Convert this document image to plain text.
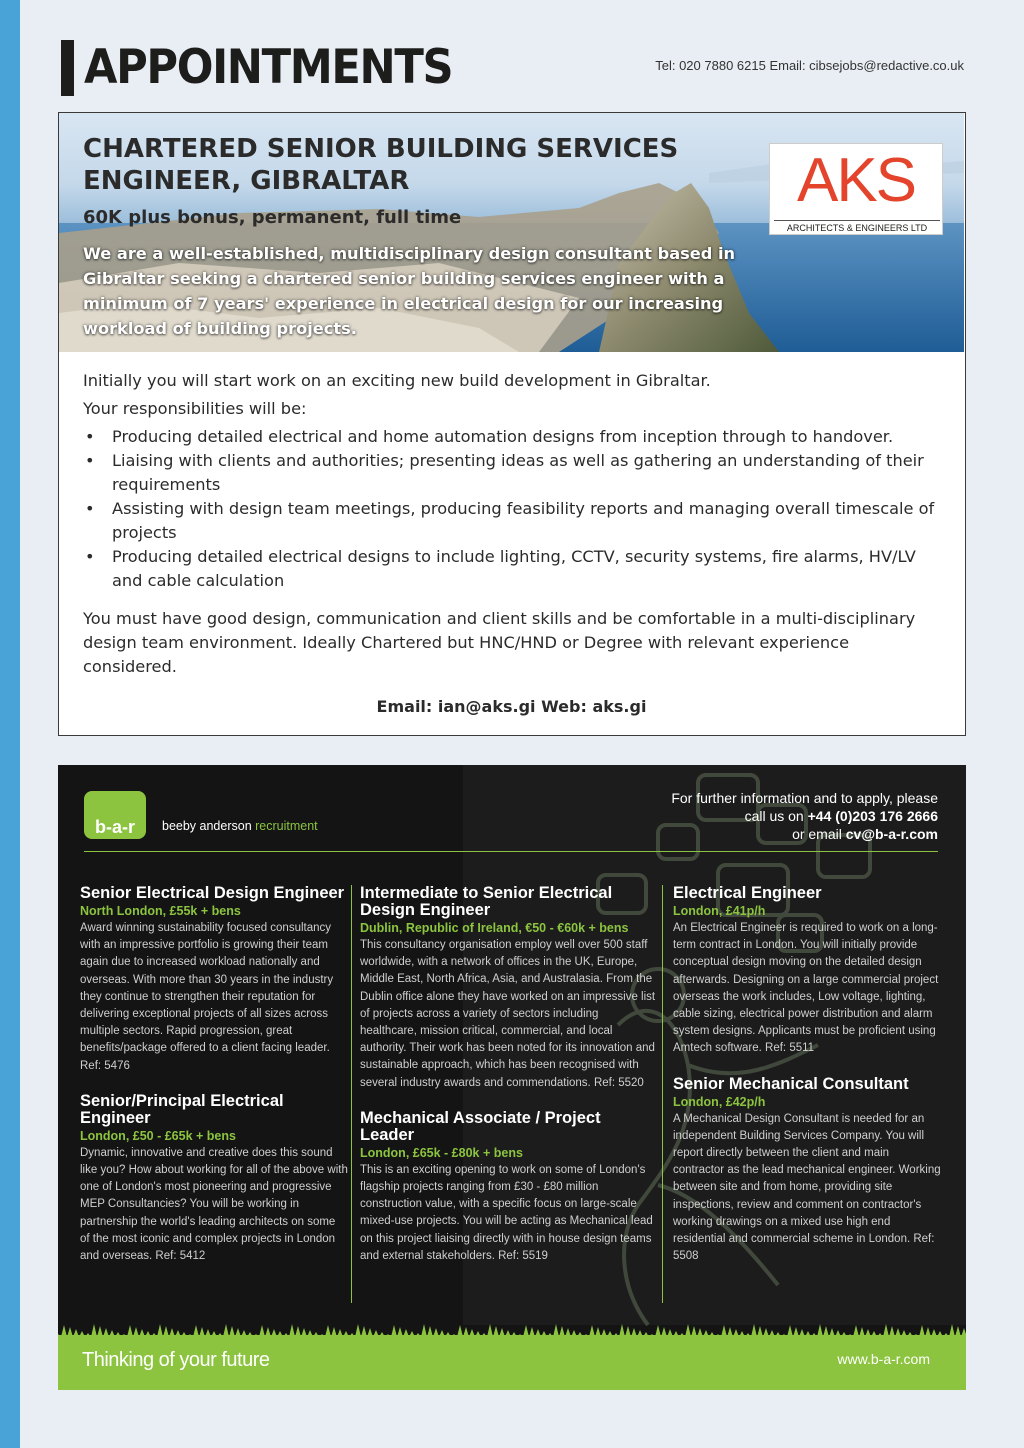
APPOINTMENTS	Tel: 020 7880 6215 Email: cibsejobs@redactive.co.uk
CHARTERED SENIOR BUILDING SERVICES ENGINEER, GIBRALTAR
60K plus bonus, permanent, full time
We are a well-established, multidisciplinary design consultant based in Gibraltar seeking a chartered senior building services engineer with a minimum of 7 years' experience in electrical design for our increasing workload of building projects.
AKS
ARCHITECTS & ENGINEERS LTD

Initially you will start work on an exciting new build development in Gibraltar.

Your responsibilities will be:

• Producing detailed electrical and home automation designs from inception through to handover.
• Liaising with clients and authorities; presenting ideas as well as gathering an understanding of their requirements
• Assisting with design team meetings, producing feasibility reports and managing overall timescale of projects
• Producing detailed electrical designs to include lighting, CCTV, security systems, fire alarms, HV/LV and cable calculation

You must have good design, communication and client skills and be comfortable in a multi-disciplinary design team environment. Ideally Chartered but HNC/HND or Degree with relevant experience considered.

Email: ian@aks.gi Web: aks.gi
b-a-r	beeby anderson recruitment
For further information and to apply, please
call us on +44 (0)203 176 2666
or email cv@b-a-r.com
Senior Electrical Design Engineer
North London, £55k + bens
Award winning sustainability focused consultancy with an impressive portfolio is growing their team again due to increased workload nationally and overseas. With more than 30 years in the industry they continue to strengthen their reputation for delivering exceptional projects of all sizes across multiple sectors. Rapid progression, great benefits/package offered to a client facing leader. Ref: 5476
Senior/Principal Electrical Engineer
London, £50 - £65k + bens
Dynamic, innovative and creative does this sound like you? How about working for all of the above with one of London's most pioneering and progressive MEP Consultancies? You will be working in partnership the world's leading architects on some of the most iconic and complex projects in London and overseas. Ref: 5412
Intermediate to Senior Electrical Design Engineer
Dublin, Republic of Ireland, €50 - €60k + bens
This consultancy organisation employ well over 500 staff worldwide, with a network of offices in the UK, Europe, Middle East, North Africa, Asia, and Australasia. From the Dublin office alone they have worked on an impressive list of projects across a variety of sectors including healthcare, mission critical, commercial, and local authority. Their work has been noted for its innovation and sustainable approach, which has been recognised with several industry awards and commendations. Ref: 5520
Mechanical Associate / Project Leader
London, £65k - £80k + bens
This is an exciting opening to work on some of London's flagship projects ranging from £30 - £80 million construction value, with a specific focus on large-scale mixed-use projects. You will be acting as Mechanical lead on this project liaising directly with in house design teams and external stakeholders. Ref: 5519
Electrical Engineer
London, £41p/h
An Electrical Engineer is required to work on a long-term contract in London. You will initially provide conceptual design moving on the detailed design afterwards. Designing on a large commercial project overseas the work includes, Low voltage, lighting, cable sizing, electrical power distribution and alarm system designs. Applicants must be proficient using Amtech software. Ref: 5511
Senior Mechanical Consultant
London, £42p/h
A Mechanical Design Consultant is needed for an independent Building Services Company. You will report directly between the client and main contractor as the lead mechanical engineer. Working between site and from home, providing site inspections, review and comment on contractor's working drawings on a mixed use high end residential and commercial scheme in London. Ref: 5508
Thinking of your future	www.b-a-r.com
